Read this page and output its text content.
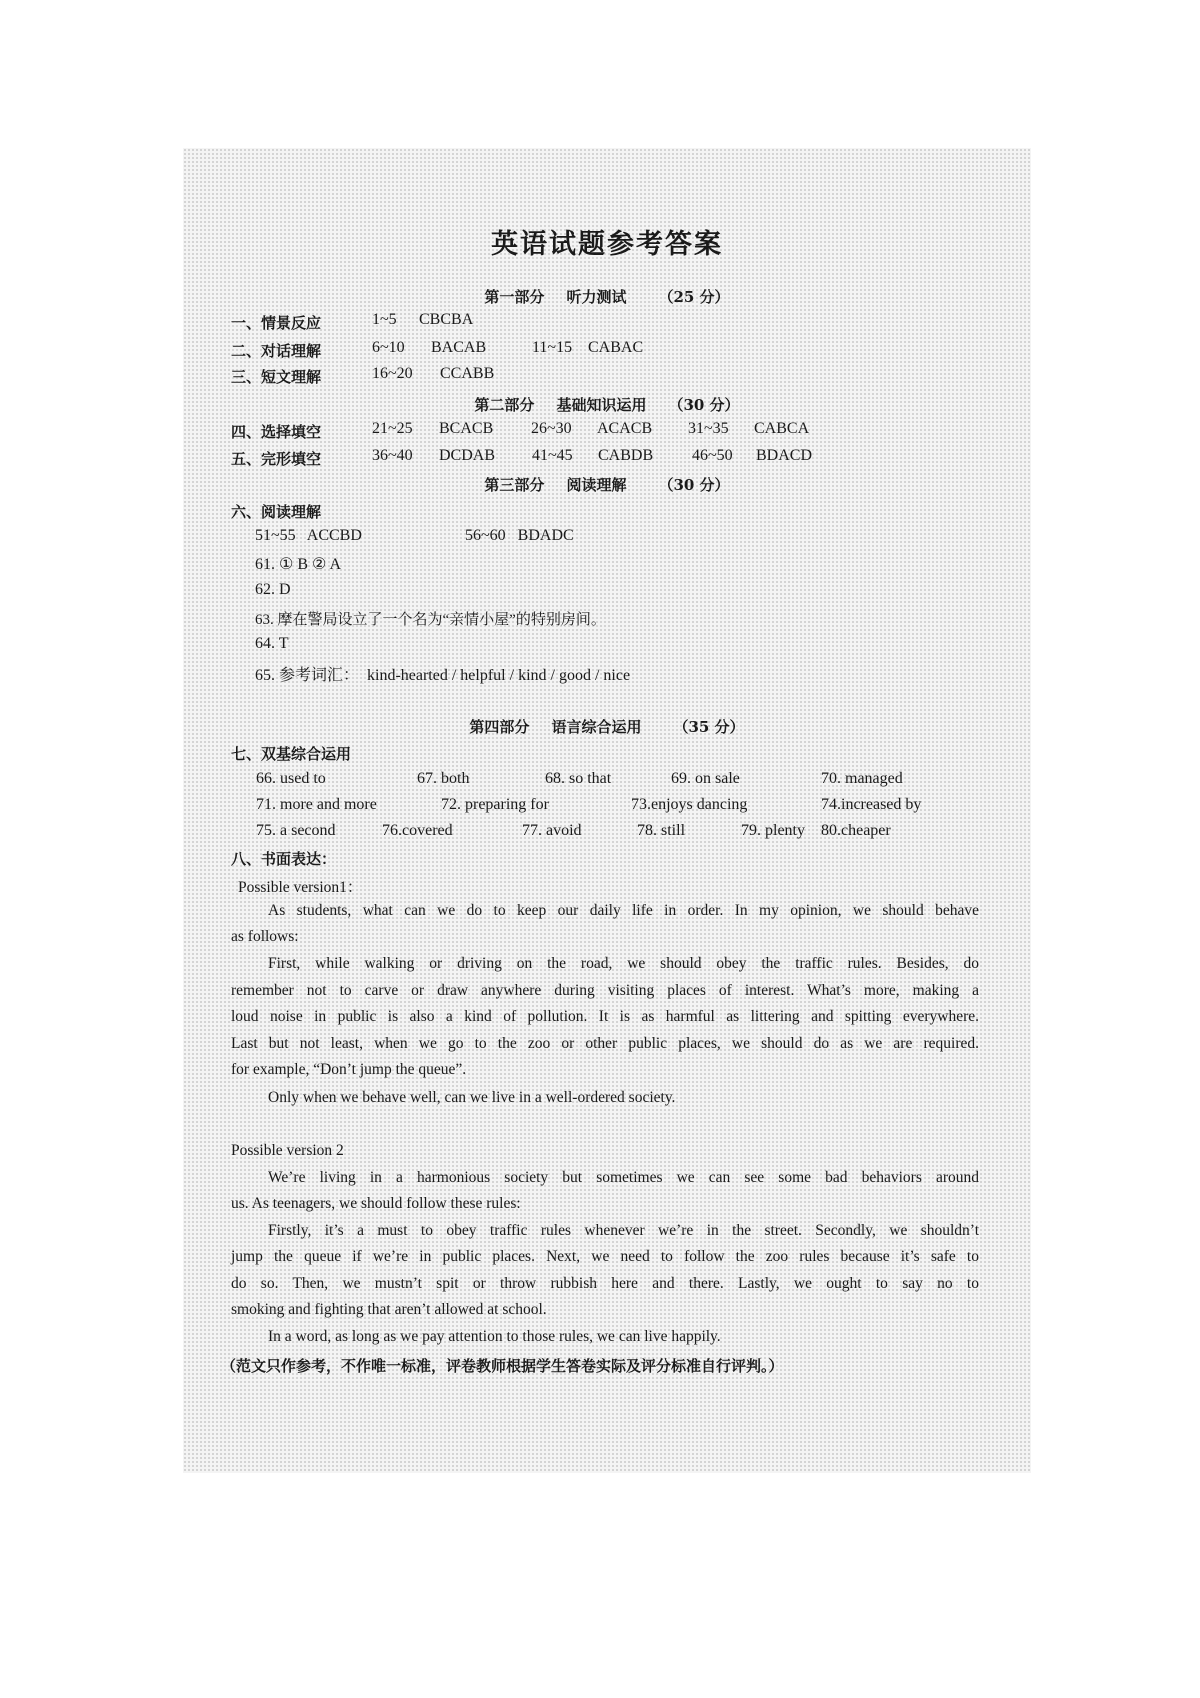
英语试题参考答案
第一部分 听力测试 （25 分）
一、情景反应	1~5 CBCBA
二、对话理解	6~10 BACAB	11~15 CABAC
三、短文理解	16~20 CCABB
第二部分 基础知识运用 （30 分）
四、选择填空	21~25 BCACB 26~30 ACACB 31~35 CABCA
五、完形填空	36~40 DCDAB 41~45 CABDB 46~50 BDACD
第三部分 阅读理解 （30 分）
六、阅读理解
51~55   ACCBD	56~60   BDADC
61. ① B ② A
62. D
63. 摩在警局设立了一个名为“亲情小屋”的特别房间。
64. T
65. 参考词汇：  kind-hearted / helpful / kind / good / nice
第四部分 语言综合运用 （35 分）
七、双基综合运用
66. used to	67. both	68. so that	69. on sale	70. managed
71. more and more	72. preparing for	73.enjoys dancing	74.increased by
75. a second	76.covered	77. avoid	78. still	79. plenty 80.cheaper
八、书面表达：
Possible version1：
As students, what can we do to keep our daily life in order. In my opinion, we should behave
as follows:
First, while walking or driving on the road, we should obey the traffic rules. Besides, do
remember not to carve or draw anywhere during visiting places of interest. What’s more, making a
loud noise in public is also a kind of pollution. It is as harmful as littering and spitting everywhere.
Last but not least, when we go to the zoo or other public places, we should do as we are required.
for example, “Don’t jump the queue”.
Only when we behave well, can we live in a well-ordered society.
Possible version 2
We’re living in a harmonious society but sometimes we can see some bad behaviors around
us. As teenagers, we should follow these rules:
Firstly, it’s a must to obey traffic rules whenever we’re in the street. Secondly, we shouldn’t
jump the queue if we’re in public places. Next, we need to follow the zoo rules because it’s safe to
do so. Then, we mustn’t spit or throw rubbish here and there. Lastly, we ought to say no to
smoking and fighting that aren’t allowed at school.
In a word, as long as we pay attention to those rules, we can live happily.
（范文只作参考，不作唯一标准，评卷教师根据学生答卷实际及评分标准自行评判。）
